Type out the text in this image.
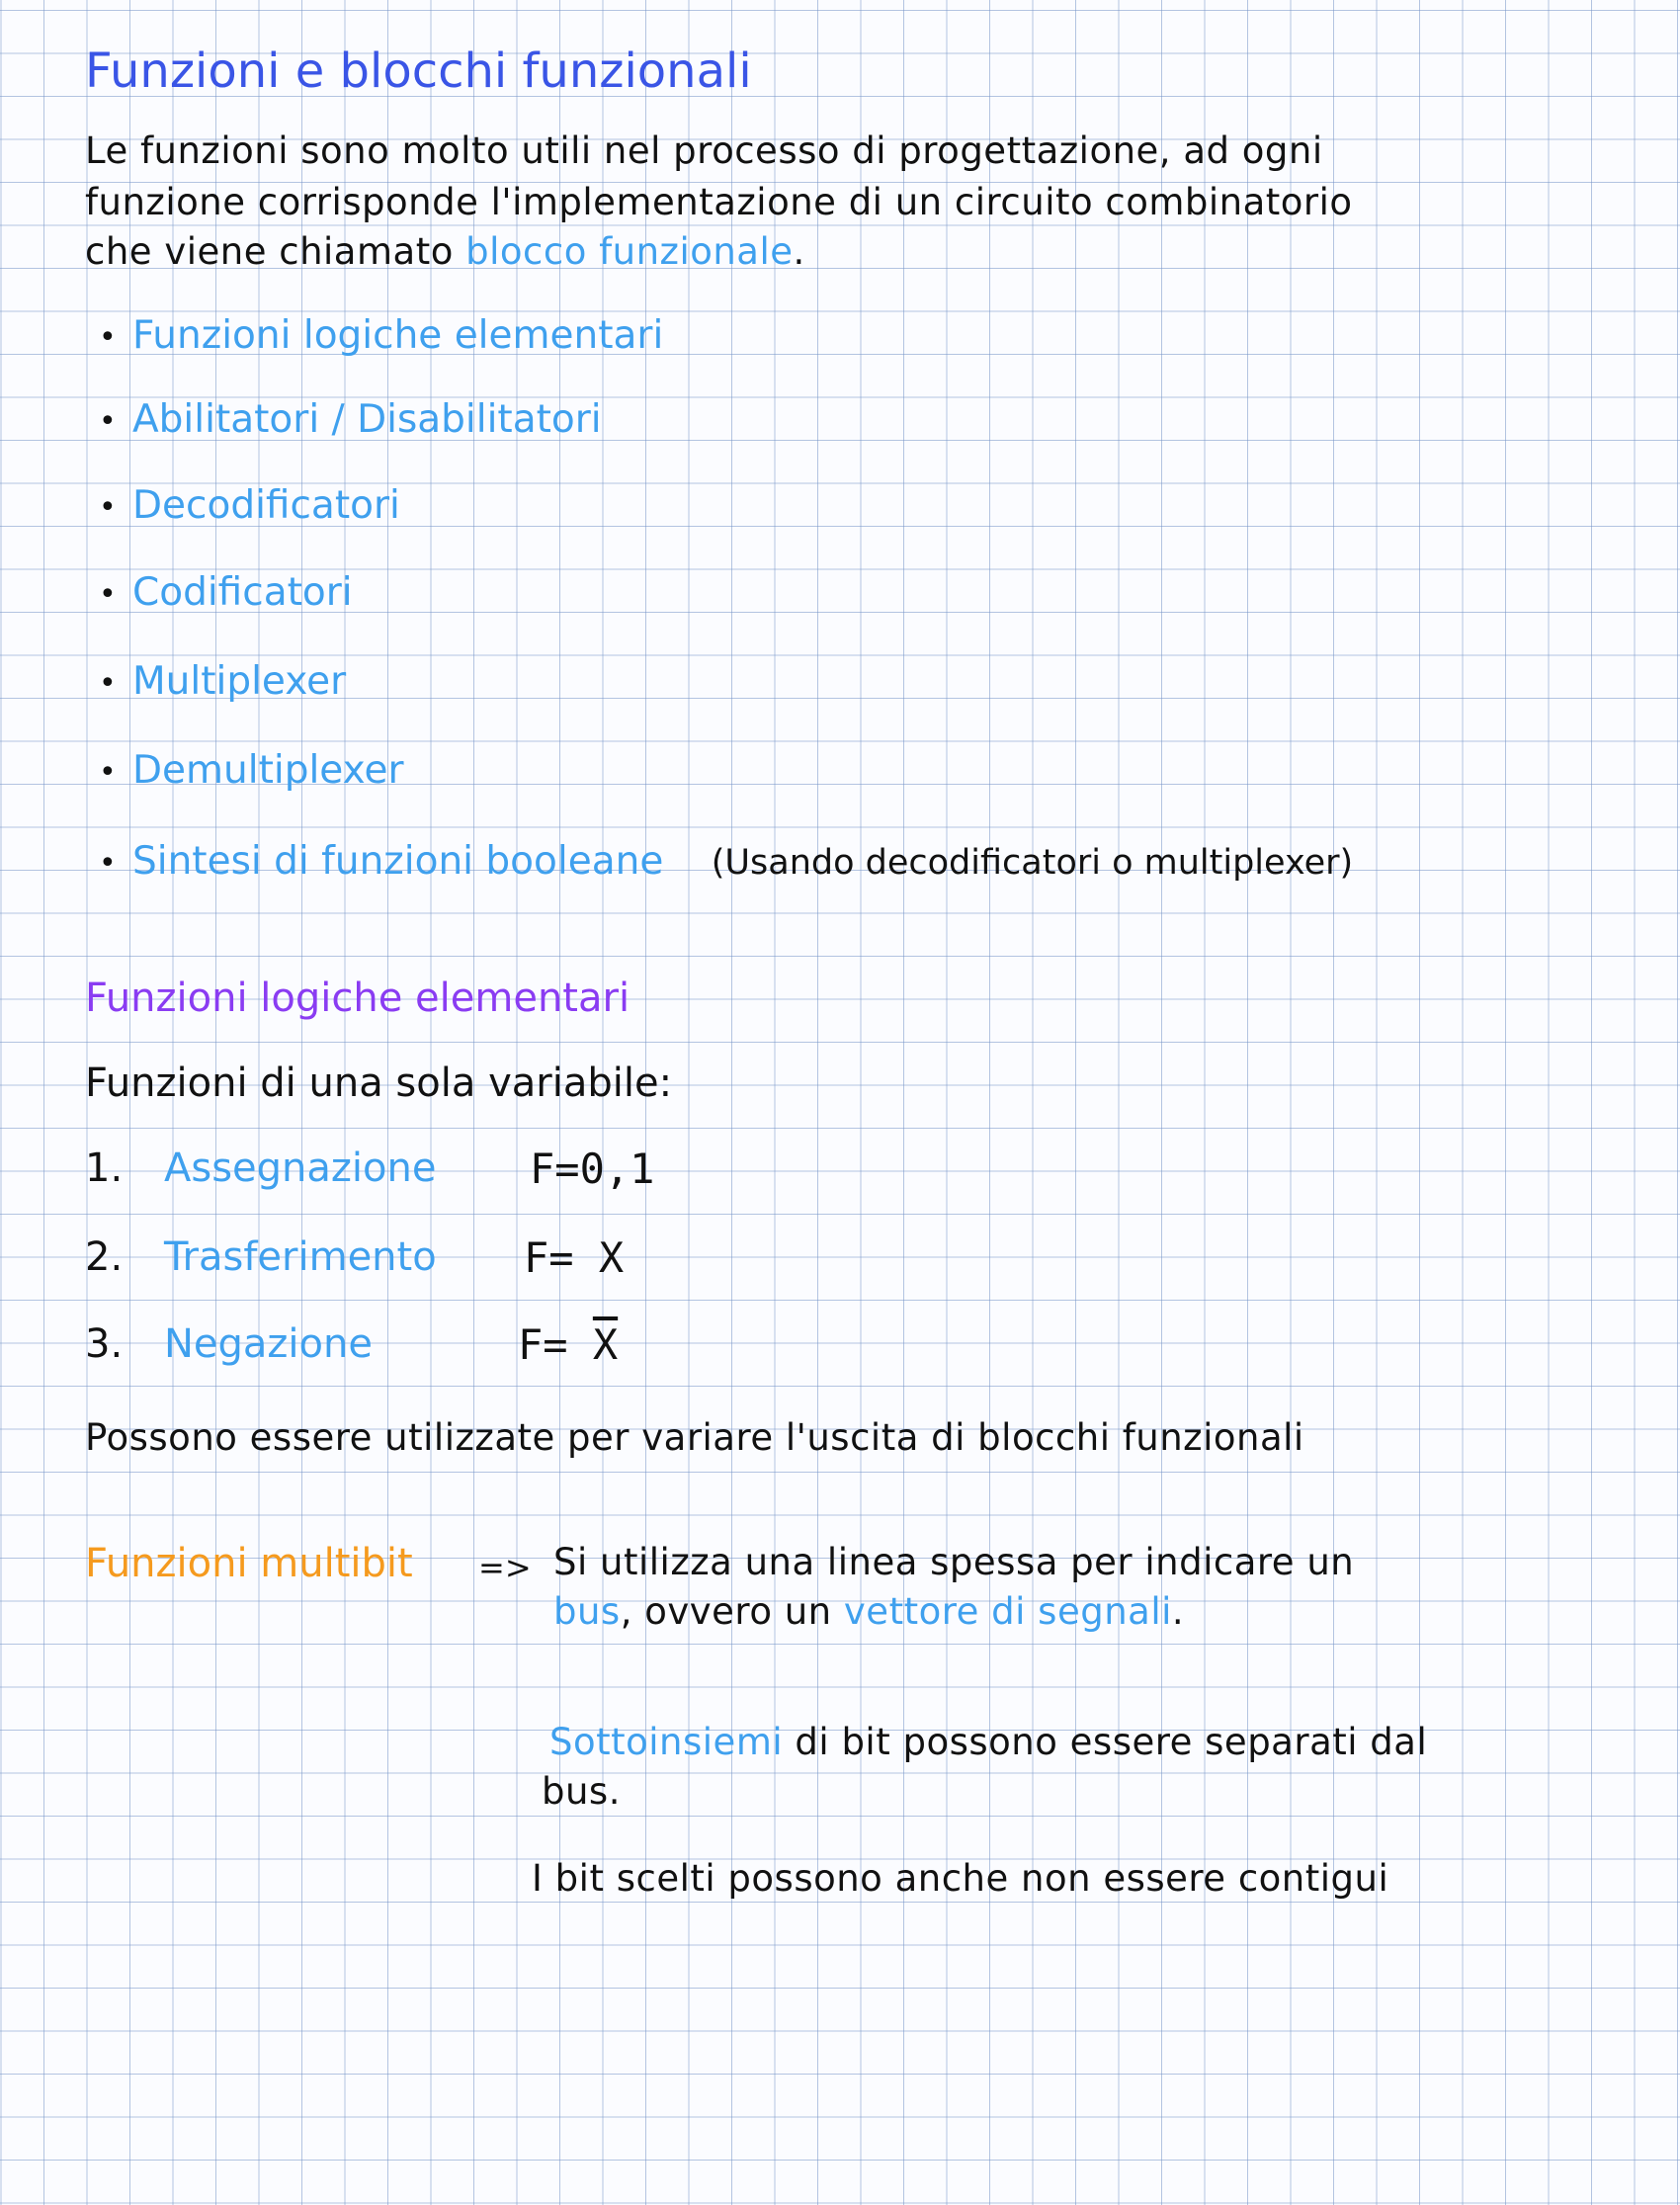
Funzioni e blocchi funzionali
Le funzioni sono molto utili nel processo di progettazione, ad ogni
funzione corrisponde l'implementazione di un circuito combinatorio
che viene chiamato blocco funzionale.
• Funzioni logiche elementari
• Abilitatori / Disabilitatori
• Decodificatori
• Codificatori
• Multiplexer
• Demultiplexer
• Sintesi di funzioni booleane (Usando decodificatori o multiplexer)
Funzioni logiche elementari
Funzioni di una sola variabile:
1. Assegnazione F=0,1
2. Trasferimento F= X
3. Negazione	$F= \overline{X}$
Possono essere utilizzate per variare l'uscita di blocchi funzionali
Funzioni multibit => Si utilizza una linea spessa per indicare un
bus, ovvero un vettore di segnali.
Sottoinsiemi di bit possono essere separati dal
bus.
I bit scelti possono anche non essere contigui
